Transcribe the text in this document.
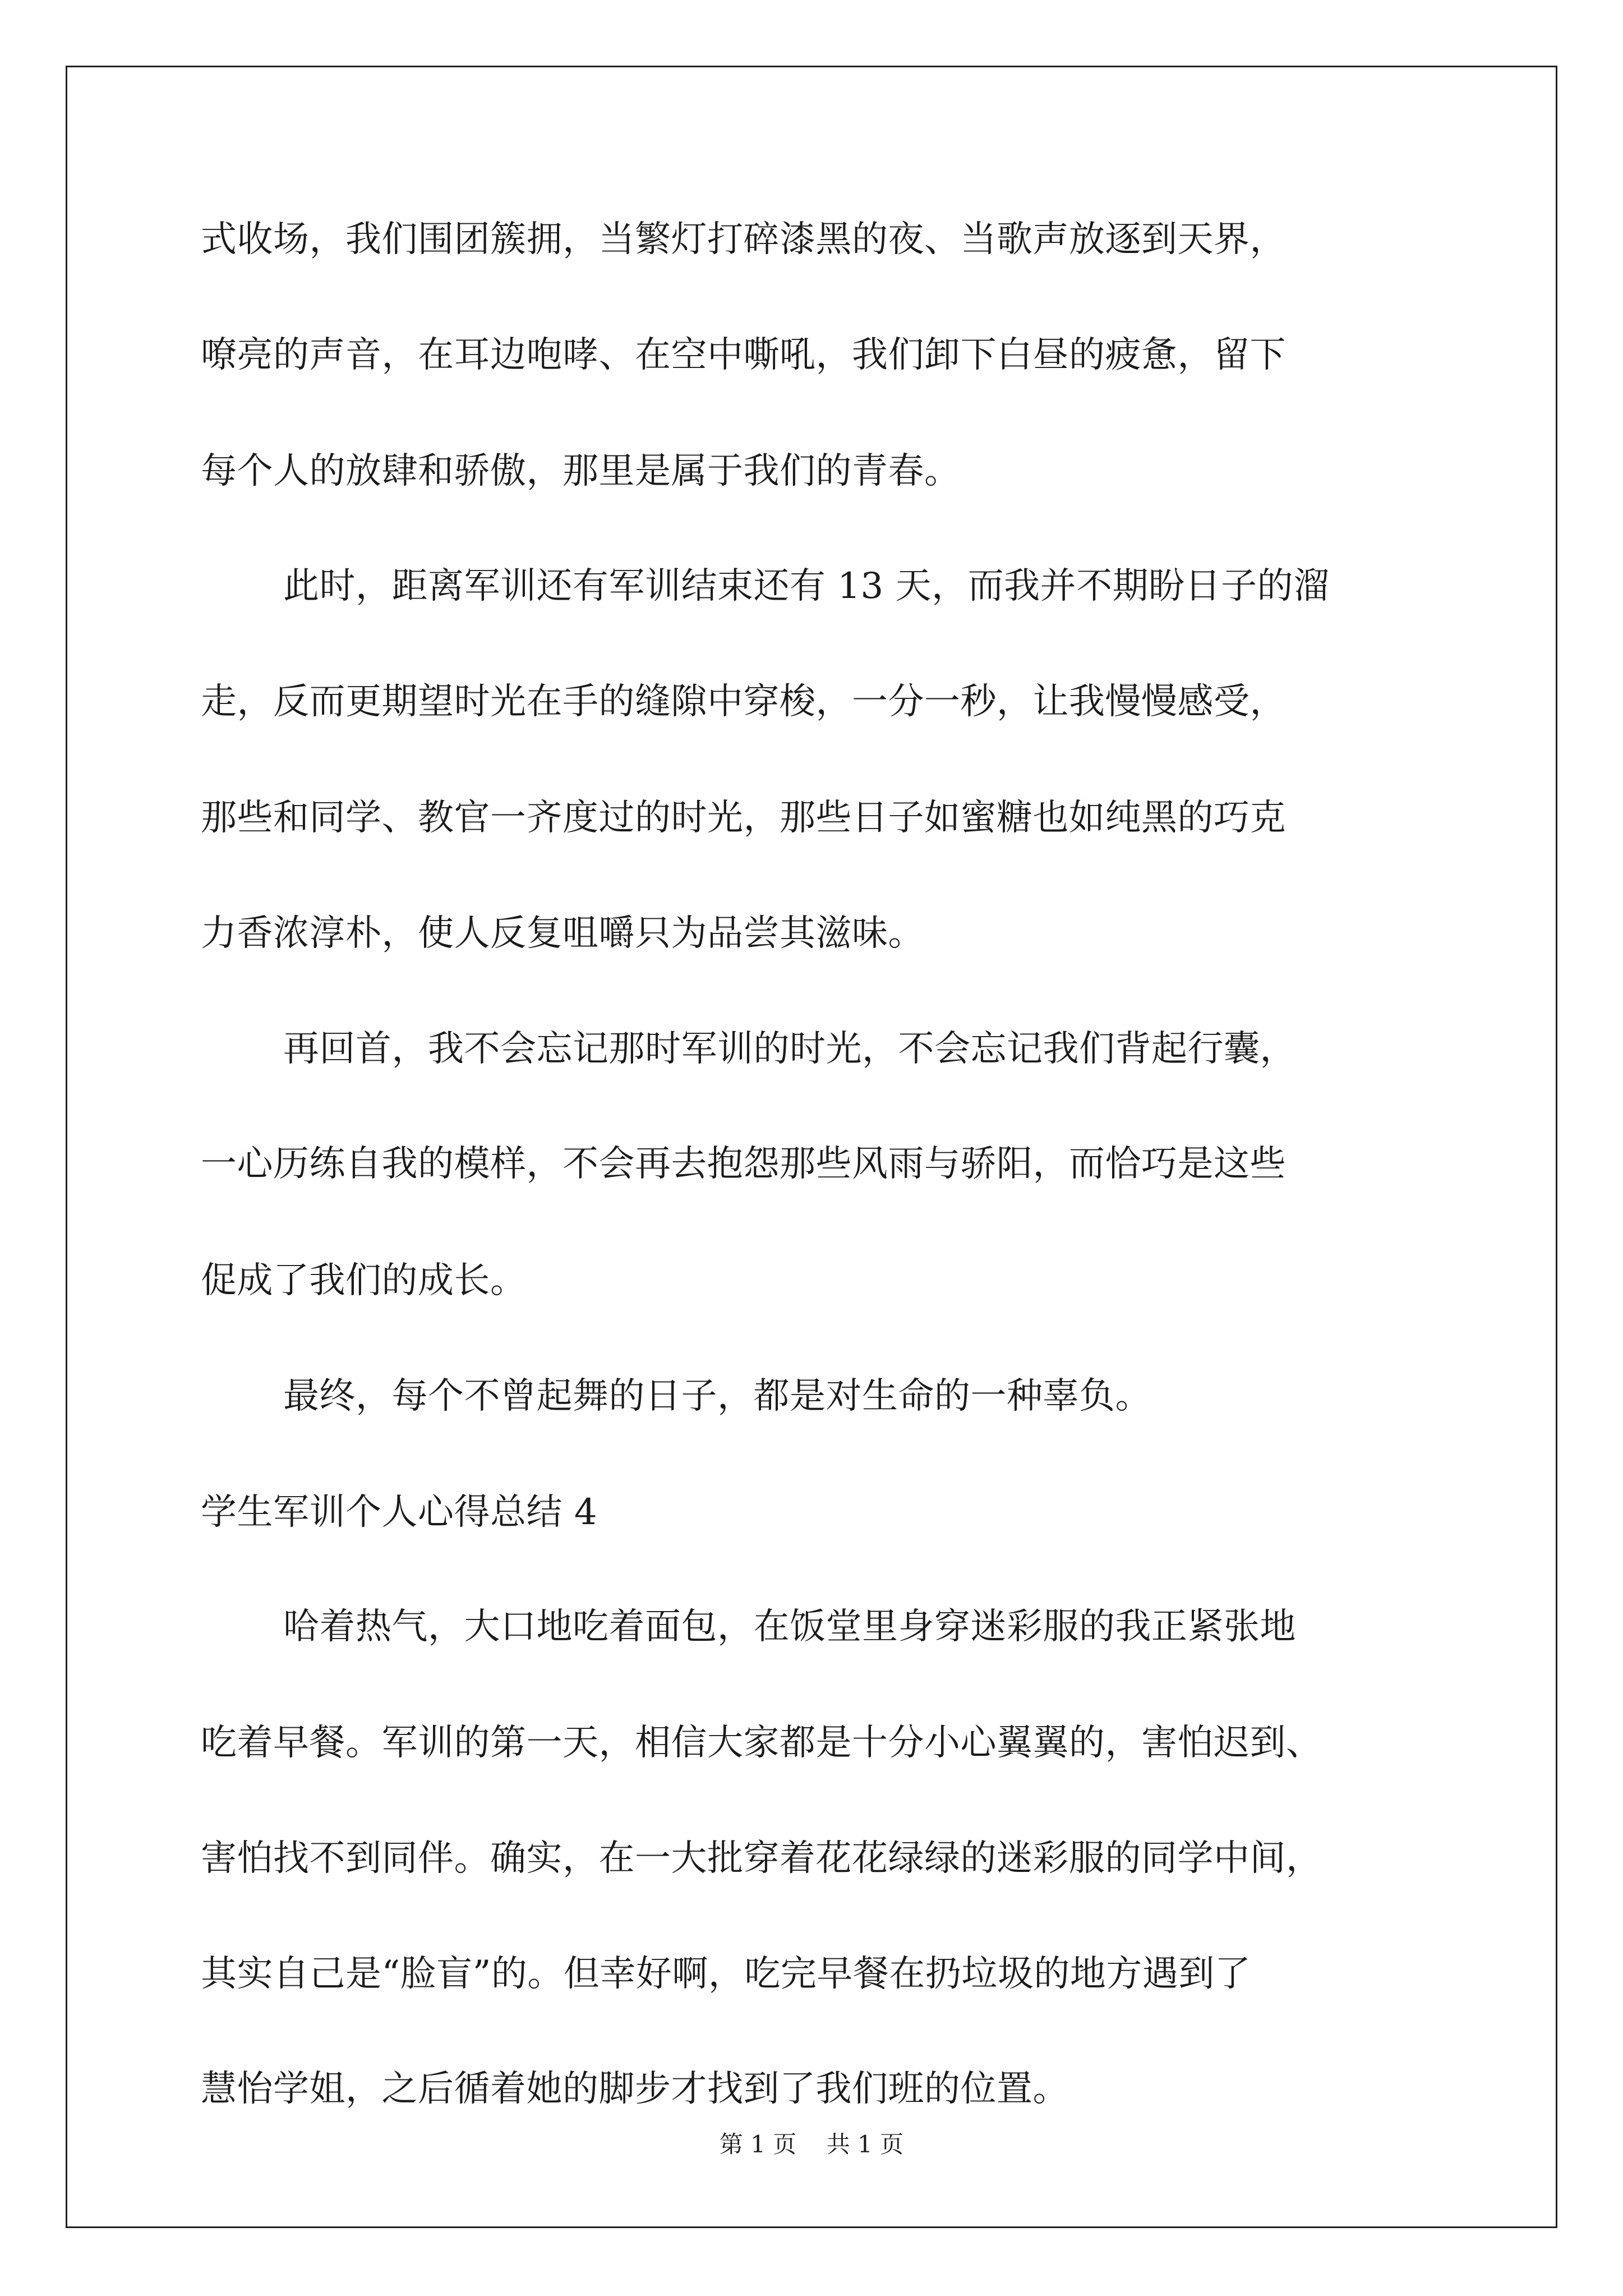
式收场，我们围团簇拥，当繁灯打碎漆黑的夜、当歌声放逐到天界，
嘹亮的声音，在耳边咆哮、在空中嘶吼，我们卸下白昼的疲惫，留下
每个人的放肆和骄傲，那里是属于我们的青春。
此时，距离军训还有军训结束还有 13 天，而我并不期盼日子的溜
走，反而更期望时光在手的缝隙中穿梭，一分一秒，让我慢慢感受，
那些和同学、教官一齐度过的时光，那些日子如蜜糖也如纯黑的巧克
力香浓淳朴，使人反复咀嚼只为品尝其滋味。
再回首，我不会忘记那时军训的时光，不会忘记我们背起行囊，
一心历练自我的模样，不会再去抱怨那些风雨与骄阳，而恰巧是这些
促成了我们的成长。
最终，每个不曾起舞的日子，都是对生命的一种辜负。
学生军训个人心得总结 4
哈着热气，大口地吃着面包，在饭堂里身穿迷彩服的我正紧张地
吃着早餐。军训的第一天，相信大家都是十分小心翼翼的，害怕迟到、
害怕找不到同伴。确实，在一大批穿着花花绿绿的迷彩服的同学中间，
其实自己是“脸盲”的。但幸好啊，吃完早餐在扔垃圾的地方遇到了
慧怡学姐，之后循着她的脚步才找到了我们班的位置。
第 1 页    共 1 页
